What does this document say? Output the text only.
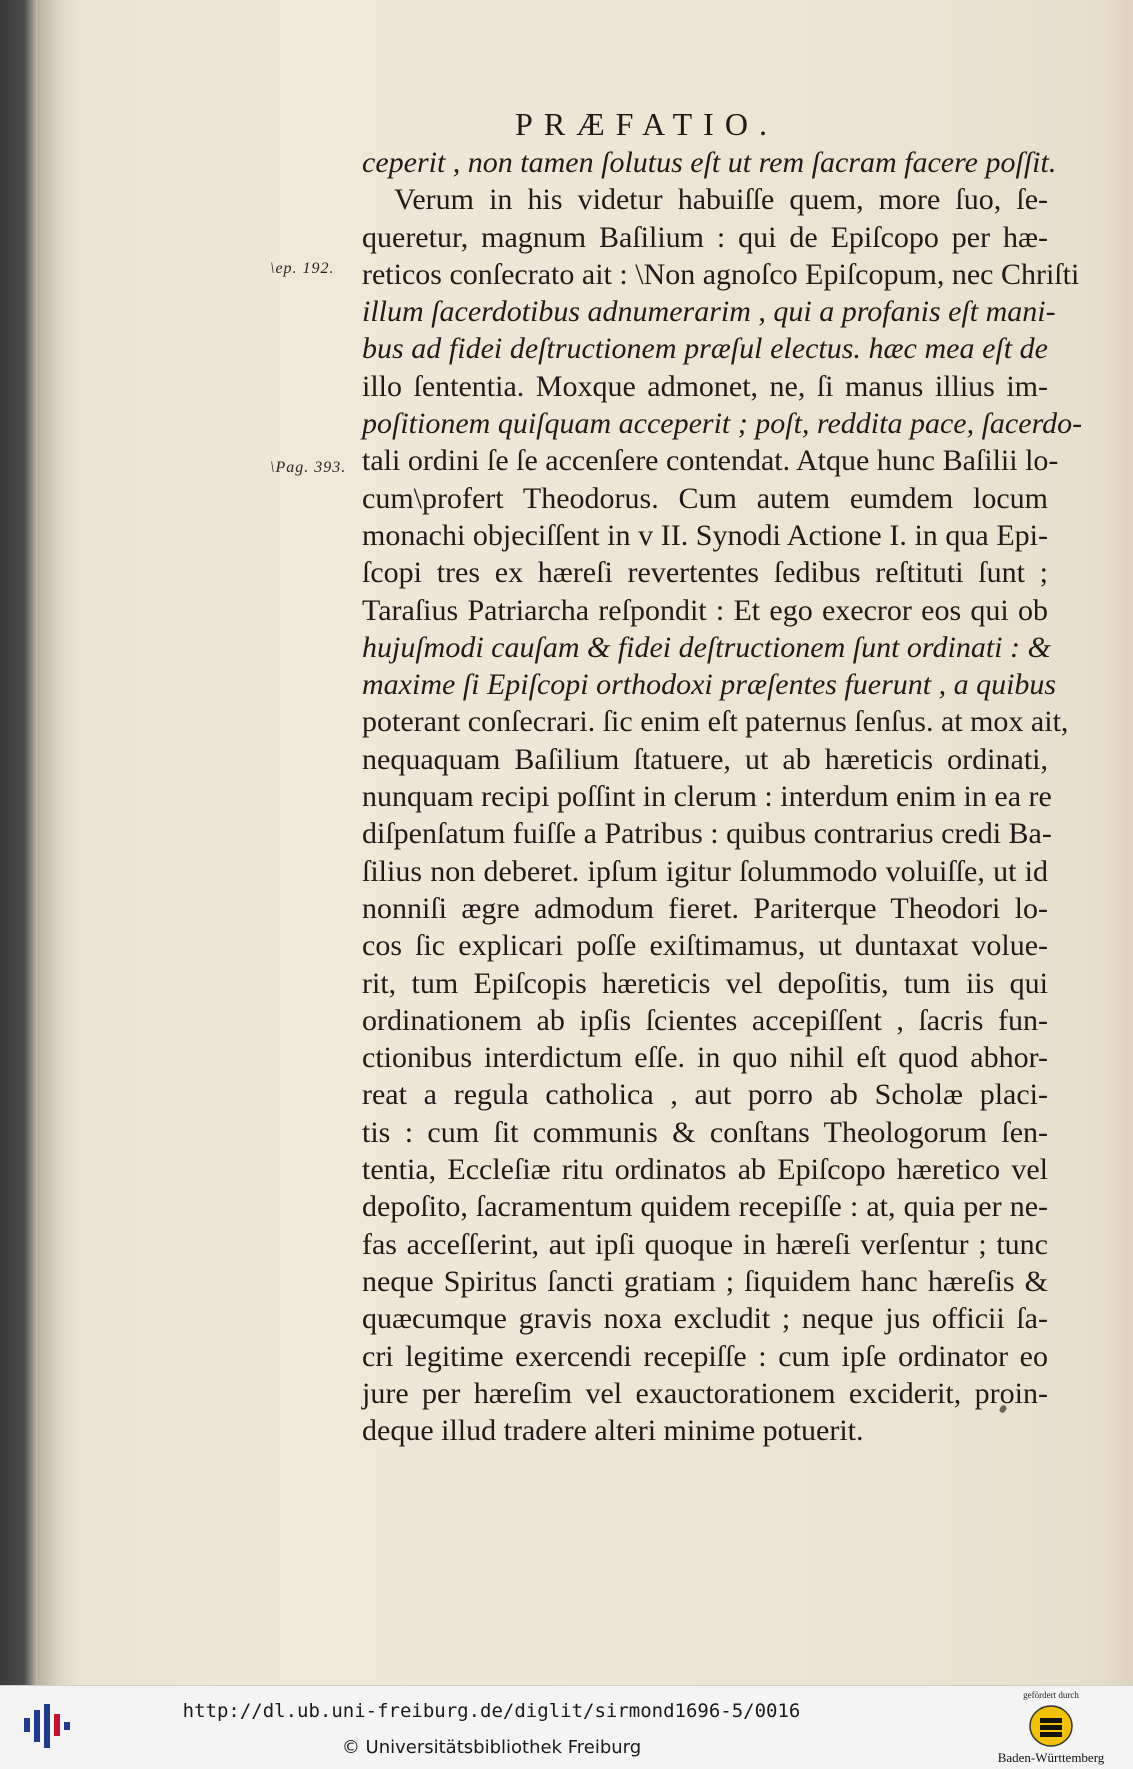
PRÆFATIO.
\ep. 192.
\Pag. 393.
ceperit , non tamen ſolutus eſt ut rem ſacram facere poſſit.
Verum in his videtur habuiſſe quem, more ſuo, ſe-
queretur, magnum Baſilium : qui de Epiſcopo per hæ-
reticos conſecrato ait : \Non agnoſco Epiſcopum, nec Chriſti
illum ſacerdotibus adnumerarim , qui a profanis eſt mani-
bus ad fidei deſtructionem præſul electus. hæc mea eſt de
illo ſententia. Moxque admonet, ne, ſi manus illius im-
poſitionem quiſquam acceperit ; poſt, reddita pace, ſacerdo-
tali ordini ſe ſe accenſere contendat. Atque hunc Baſilii lo-
cum\profert Theodorus. Cum autem eumdem locum
monachi objeciſſent in v II. Synodi Actione I. in qua Epi-
ſcopi tres ex hæreſi revertentes ſedibus reſtituti ſunt ;
Taraſius Patriarcha reſpondit : Et ego execror eos qui ob
hujuſmodi cauſam & fidei deſtructionem ſunt ordinati : &
maxime ſi Epiſcopi orthodoxi præſentes fuerunt , a quibus
poterant conſecrari. ſic enim eſt paternus ſenſus. at mox ait,
nequaquam Baſilium ſtatuere, ut ab hæreticis ordinati,
nunquam recipi poſſint in clerum : interdum enim in ea re
diſpenſatum fuiſſe a Patribus : quibus contrarius credi Ba-
ſilius non deberet. ipſum igitur ſolummodo voluiſſe, ut id
nonniſi ægre admodum fieret. Pariterque Theodori lo-
cos ſic explicari poſſe exiſtimamus, ut duntaxat volue-
rit, tum Epiſcopis hæreticis vel depoſitis, tum iis qui
ordinationem ab ipſis ſcientes accepiſſent , ſacris fun-
ctionibus interdictum eſſe. in quo nihil eſt quod abhor-
reat a regula catholica , aut porro ab Scholæ placi-
tis : cum ſit communis & conſtans Theologorum ſen-
tentia, Eccleſiæ ritu ordinatos ab Epiſcopo hæretico vel
depoſito, ſacramentum quidem recepiſſe : at, quia per ne-
fas acceſſerint, aut ipſi quoque in hæreſi verſentur ; tunc
neque Spiritus ſancti gratiam ; ſiquidem hanc hæreſis &
quæcumque gravis noxa excludit ; neque jus officii ſa-
cri legitime exercendi recepiſſe : cum ipſe ordinator eo
jure per hæreſim vel exauctorationem exciderit, proin-
deque illud tradere alteri minime potuerit.
http://dl.ub.uni-freiburg.de/diglit/sirmond1696-5/0016
© Universitätsbibliothek Freiburg
gefördert durch
Baden-Württemberg
